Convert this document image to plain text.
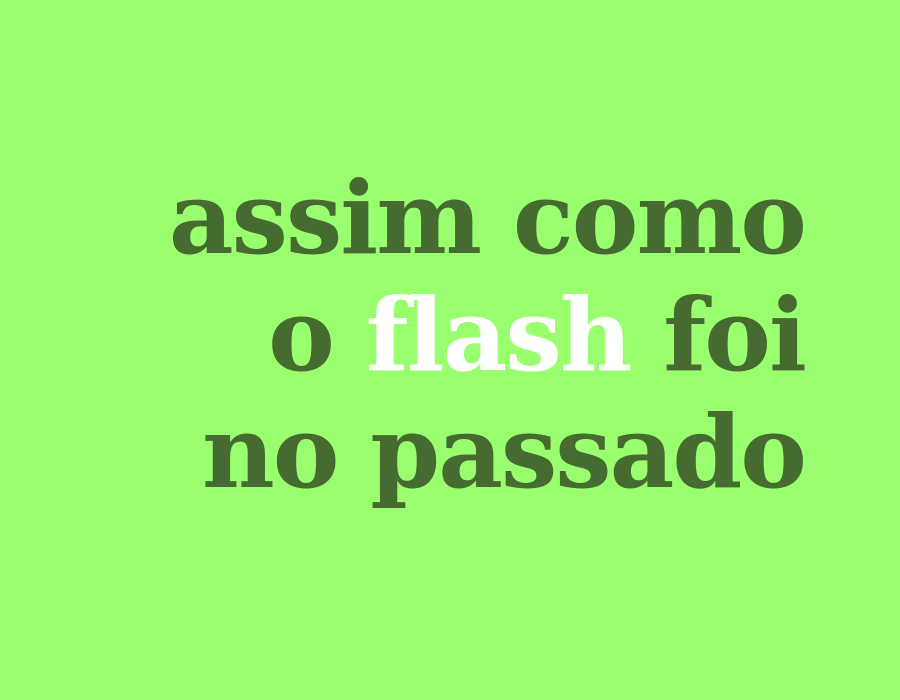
assim como
o flash foi
no passado
